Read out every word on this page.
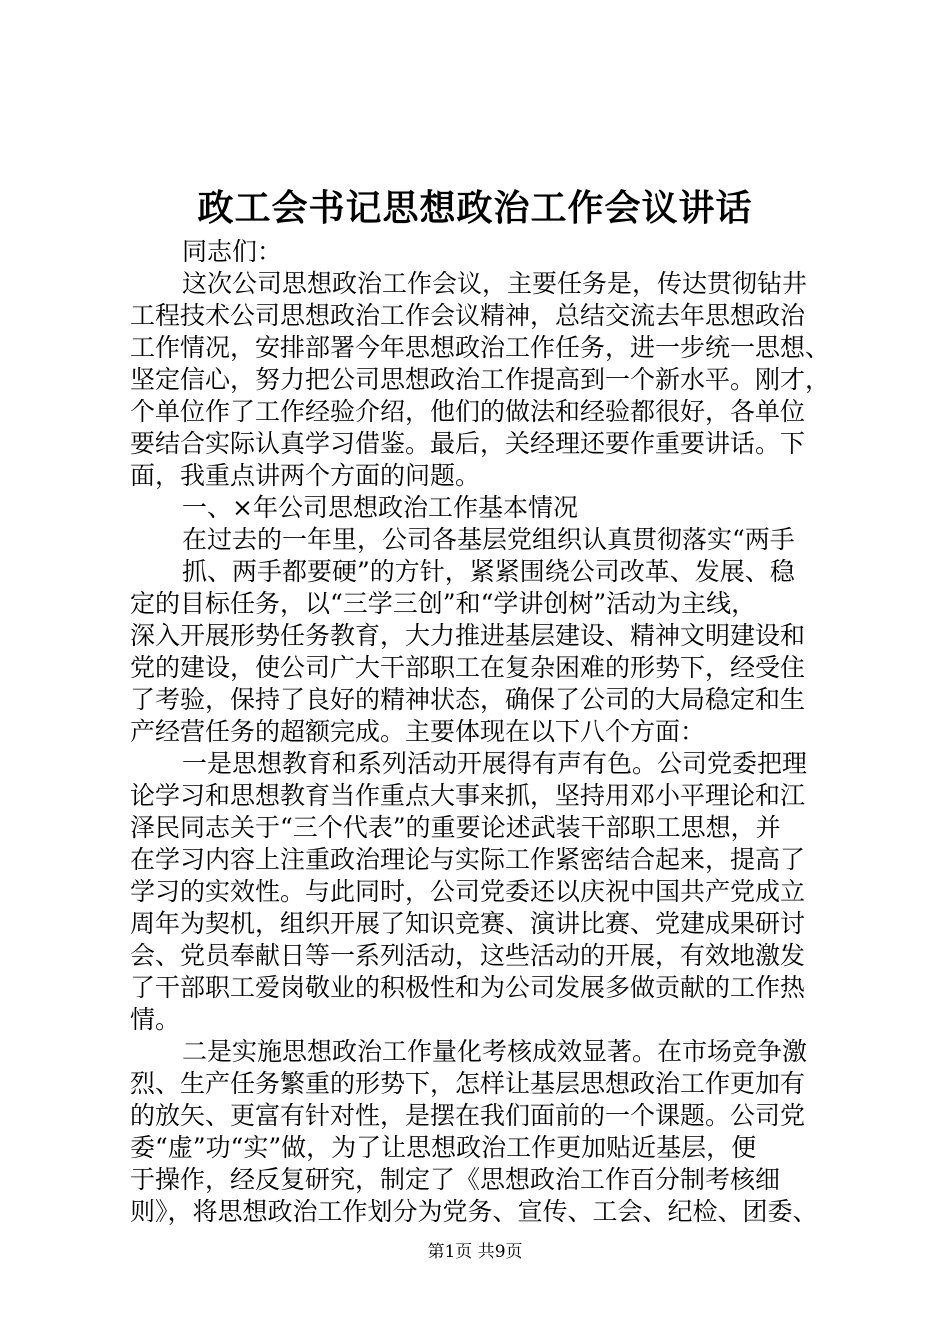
政工会书记思想政治工作会议讲话
同志们：
这次公司思想政治工作会议，主要任务是，传达贯彻钻井
工程技术公司思想政治工作会议精神，总结交流去年思想政治
工作情况，安排部署今年思想政治工作任务，进一步统一思想、
坚定信心，努力把公司思想政治工作提高到一个新水平。刚才，
个单位作了工作经验介绍，他们的做法和经验都很好，各单位
要结合实际认真学习借鉴。最后，关经理还要作重要讲话。下
面，我重点讲两个方面的问题。
一、×年公司思想政治工作基本情况
在过去的一年里，公司各基层党组织认真贯彻落实“两手
抓、两手都要硬”的方针，紧紧围绕公司改革、发展、稳
定的目标任务，以“三学三创”和“学讲创树”活动为主线，
深入开展形势任务教育，大力推进基层建设、精神文明建设和
党的建设，使公司广大干部职工在复杂困难的形势下，经受住
了考验，保持了良好的精神状态，确保了公司的大局稳定和生
产经营任务的超额完成。主要体现在以下八个方面：
一是思想教育和系列活动开展得有声有色。公司党委把理
论学习和思想教育当作重点大事来抓，坚持用邓小平理论和江
泽民同志关于“三个代表”的重要论述武装干部职工思想，并
在学习内容上注重政治理论与实际工作紧密结合起来，提高了
学习的实效性。与此同时，公司党委还以庆祝中国共产党成立
周年为契机，组织开展了知识竞赛、演讲比赛、党建成果研讨
会、党员奉献日等一系列活动，这些活动的开展，有效地激发
了干部职工爱岗敬业的积极性和为公司发展多做贡献的工作热
情。
二是实施思想政治工作量化考核成效显著。在市场竞争激
烈、生产任务繁重的形势下，怎样让基层思想政治工作更加有
的放矢、更富有针对性，是摆在我们面前的一个课题。公司党
委“虚”功“实”做，为了让思想政治工作更加贴近基层，便
于操作，经反复研究，制定了《思想政治工作百分制考核细
则》，将思想政治工作划分为党务、宣传、工会、纪检、团委、
第1页 共9页
